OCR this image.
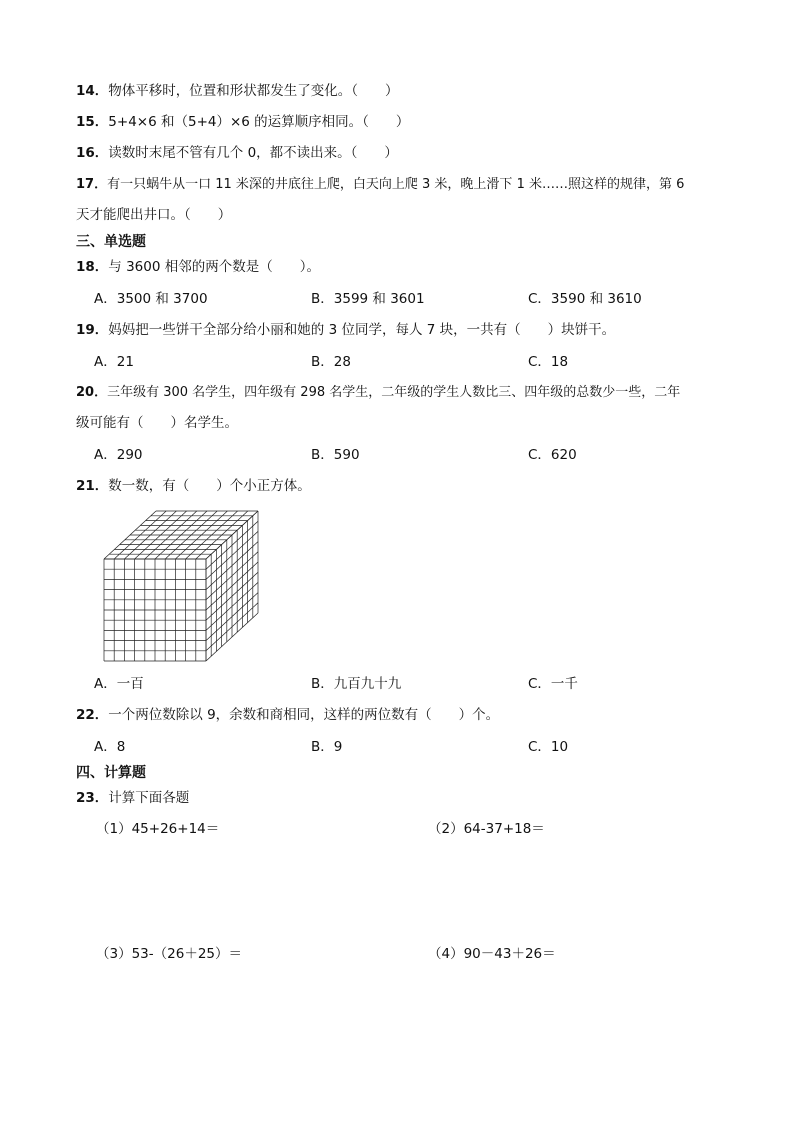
14．物体平移时，位置和形状都发生了变化。（　　）
15．5+4×6 和（5+4）×6 的运算顺序相同。（　　）
16．读数时末尾不管有几个 0，都不读出来。（　　）
17．有一只蜗牛从一口 11 米深的井底往上爬，白天向上爬 3 米，晚上滑下 1 米……照这样的规律，第 6
天才能爬出井口。（　　）
三、单选题
18．与 3600 相邻的两个数是（　　）。
A．3500 和 3700	B．3599 和 3601	C．3590 和 3610
19．妈妈把一些饼干全部分给小丽和她的 3 位同学，每人 7 块，一共有（　　）块饼干。
A．21	B．28	C．18
20．三年级有 300 名学生，四年级有 298 名学生，二年级的学生人数比三、四年级的总数少一些，二年
级可能有（　　）名学生。
A．290	B．590	C．620
21．数一数，有（　　）个小正方体。
A．一百	B．九百九十九	C．一千
22．一个两位数除以 9，余数和商相同，这样的两位数有（　　）个。
A．8	B．9	C．10
四、计算题
23．计算下面各题
（1）45+26+14＝	（2）64-37+18＝
（3）53-（26＋25）＝	（4）90－43＋26＝
